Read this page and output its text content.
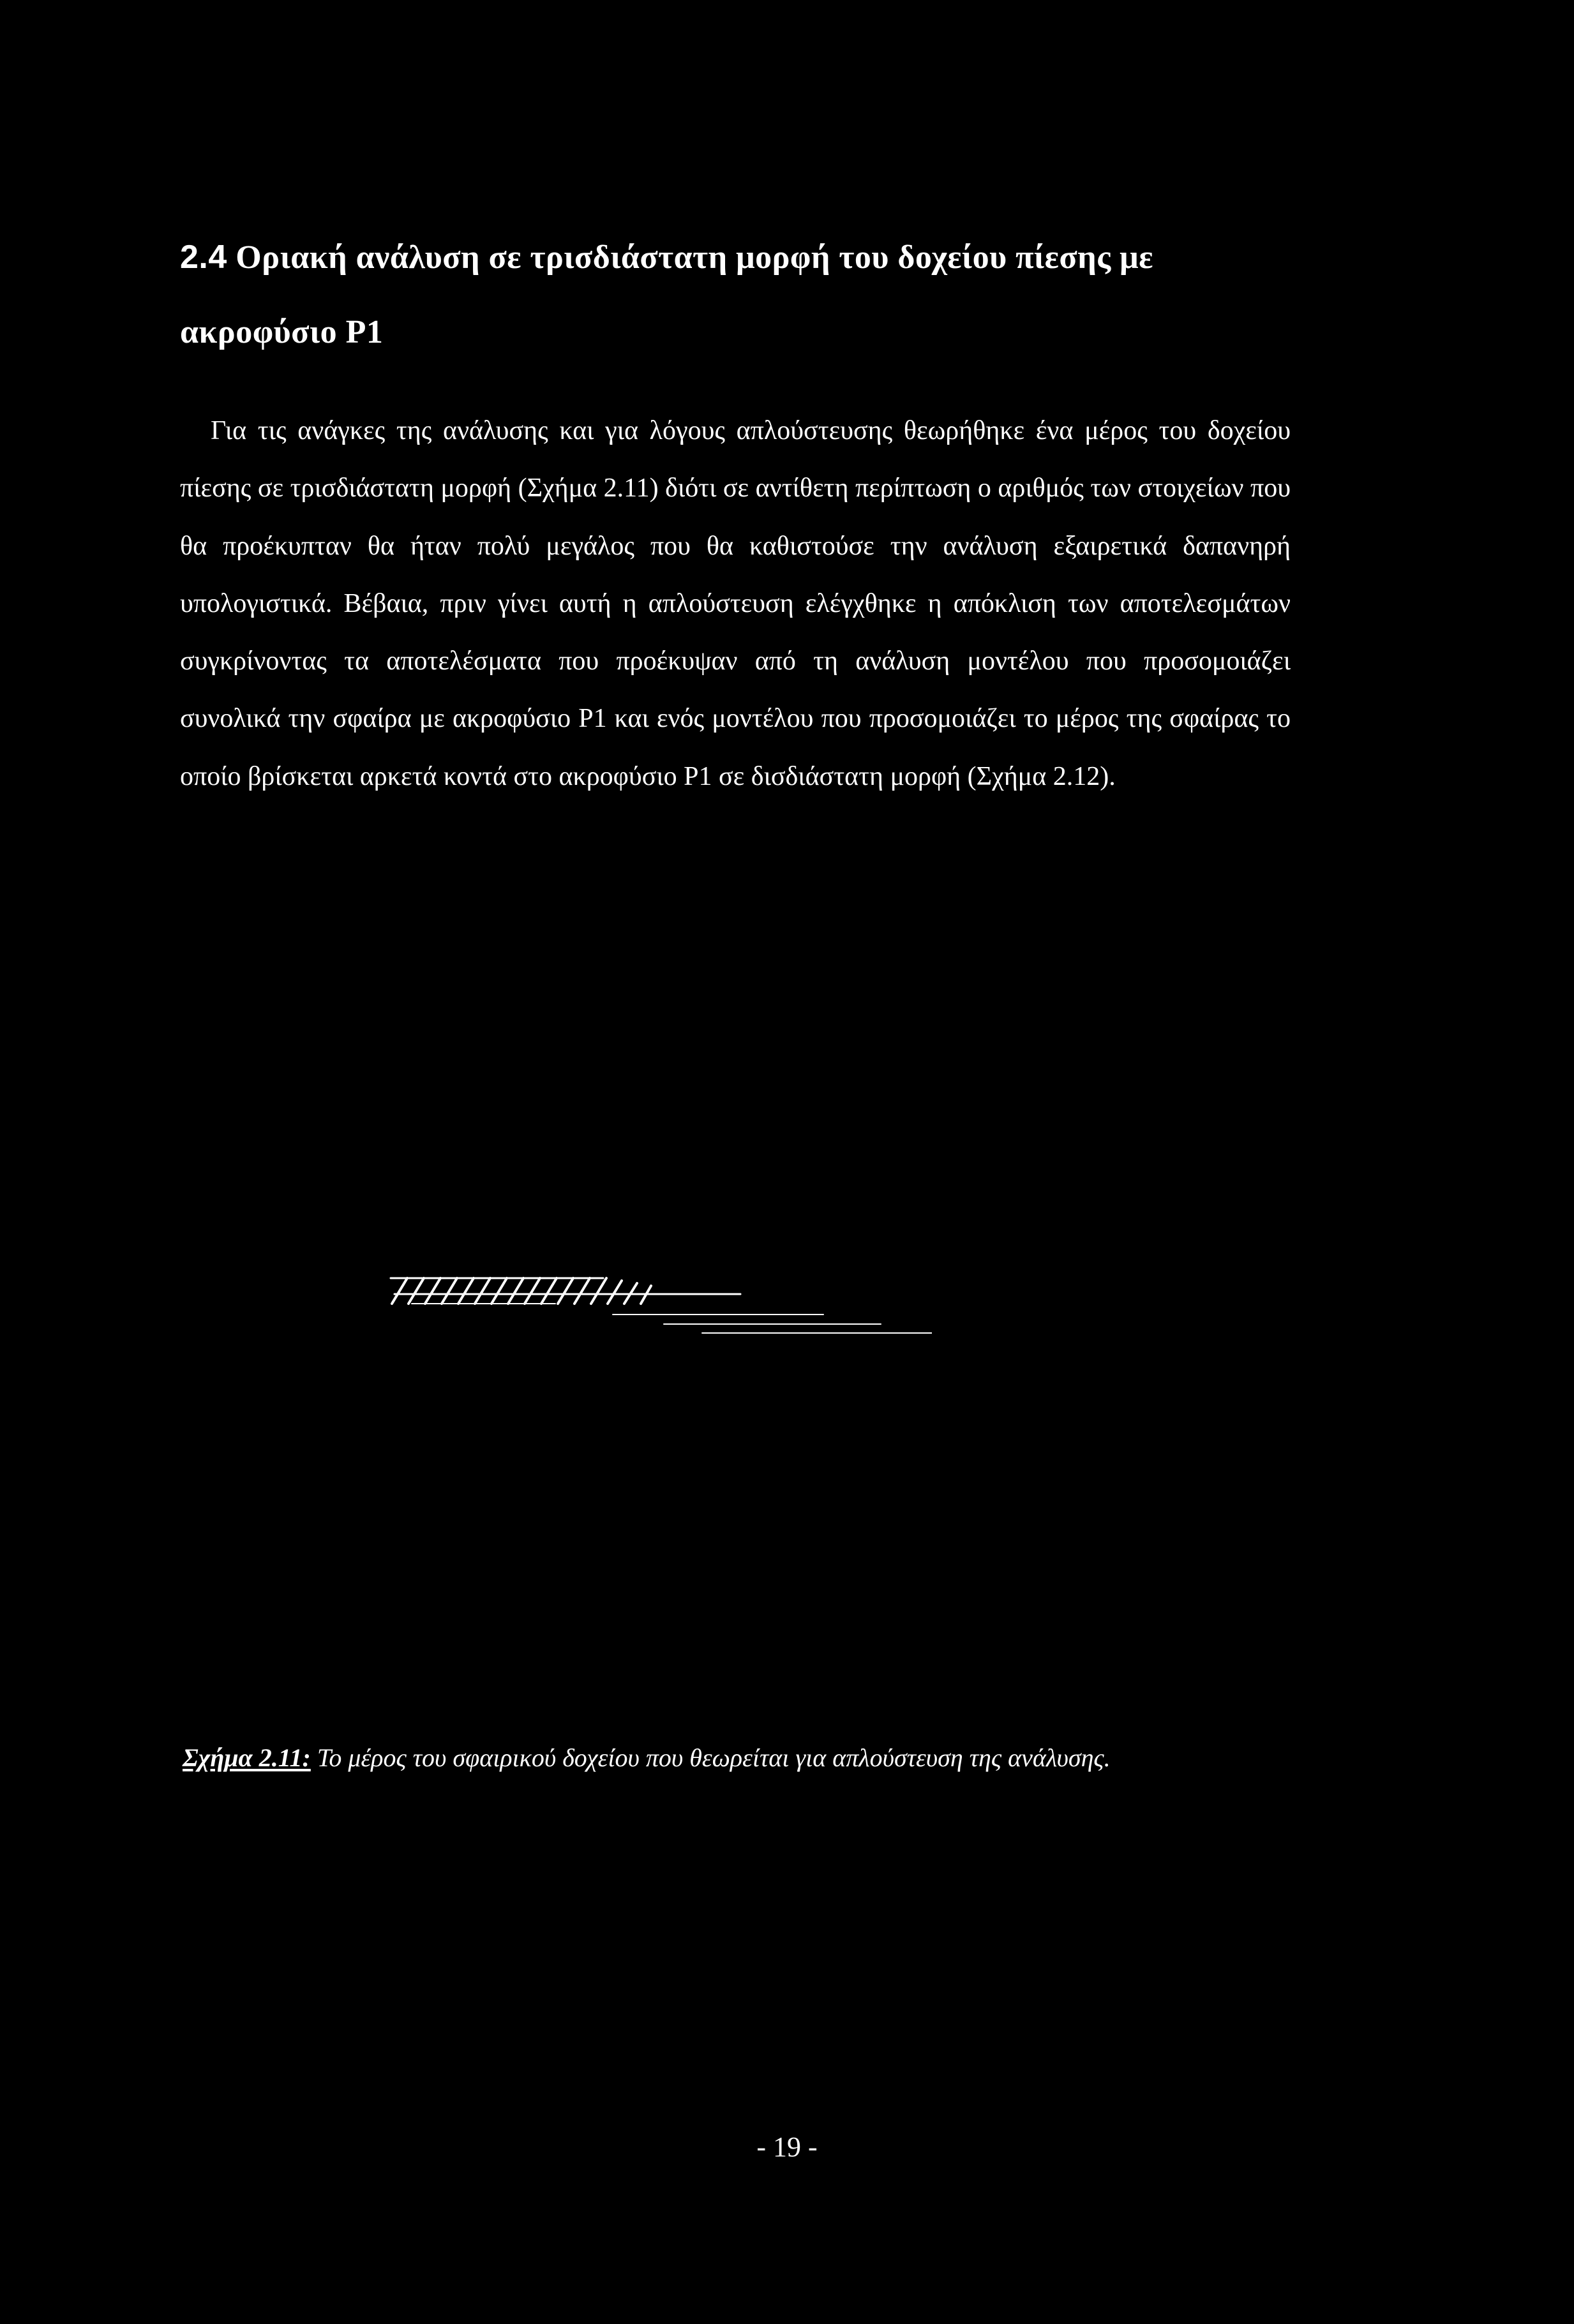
2.4 Οριακή ανάλυση σε τρισδιάστατη μορφή του δοχείου πίεσης με ακροφύσιο Ρ1

Για τις ανάγκες της ανάλυσης και για λόγους απλούστευσης θεωρήθηκε ένα μέρος του δοχείου πίεσης σε τρισδιάστατη μορφή (Σχήμα 2.11) διότι σε αντίθετη περίπτωση ο αριθμός των στοιχείων που θα προέκυπταν θα ήταν πολύ μεγάλος που θα καθιστούσε την ανάλυση εξαιρετικά δαπανηρή υπολογιστικά. Βέβαια, πριν γίνει αυτή η απλούστευση ελέγχθηκε η απόκλιση των αποτελεσμάτων συγκρίνοντας τα αποτελέσματα που προέκυψαν από τη ανάλυση μοντέλου που προσομοιάζει συνολικά την σφαίρα με ακροφύσιο Ρ1 και ενός μοντέλου που προσομοιάζει το μέρος της σφαίρας το οποίο βρίσκεται αρκετά κοντά στο ακροφύσιο Ρ1 σε δισδιάστατη μορφή (Σχήμα 2.12).

Σχήμα 2.11: Το μέρος του σφαιρικού δοχείου που θεωρείται για απλούστευση της ανάλυσης.

- 19 -
